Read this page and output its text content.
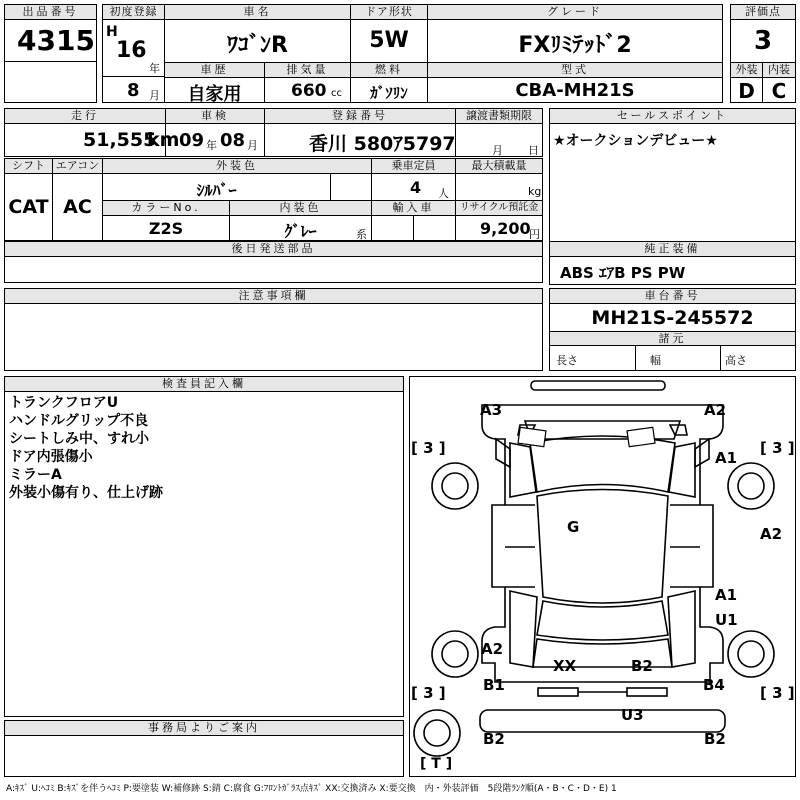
出品番号
4315
初度登録
H
16
年
8 月
車名
ﾜｺﾞﾝR
ドア形状
5W
グレード
FXﾘﾐﾃｯﾄﾞ2
評価点
3
車歴
自家用
排気量
660 cc
燃料
ｶﾞｿﾘﾝ
型式
CBA-MH21S
外装
D
内装
C
走行
51,555
km
車検
09 年 08 月
登録番号
香川 580ｱ5797
譲渡書類期限
月 日
セールスポイント
★オークションデビュー★
シフト
CAT
エアコン
AC
外装色
ｼﾙﾊﾞｰ
乗車定員
4 人
最大積載量
kg
カラーNo.
Z2S
内装色
ｸﾞﾚｰ	系
輸入車	リサイクル預託金
9,200
円
後日発送部品	純正装備
ABS ｴｱB PS PW
注意事項欄	車台番号
MH21S-245572
諸元
長さ	幅	高さ
検査員記入欄
トランクフロアU
ハンドルグリップ不良
シートしみ中、すれ小
ドア内張傷小
ミラーA
外装小傷有り、仕上げ跡
事務局よりご案内
A3	A2
[ 3 ]	[ 3 ]
A1
G	A2
A1
U1
A2
XX	B2
B1	B4
[ 3 ]	[ 3 ]
U3
B2	B2
[ T ]
A:ｷｽﾞ U:ﾍｺﾐ B:ｷｽﾞを伴うﾍｺﾐ P:要塗装 W:補修跡 S:錆 C:腐食 G:ﾌﾛﾝﾄｶﾞﾗｽ点ｷｽﾞ XX:交換済み X:要交換　内・外装評価　5段階ﾗﾝｸ順(A・B・C・D・E) 1
